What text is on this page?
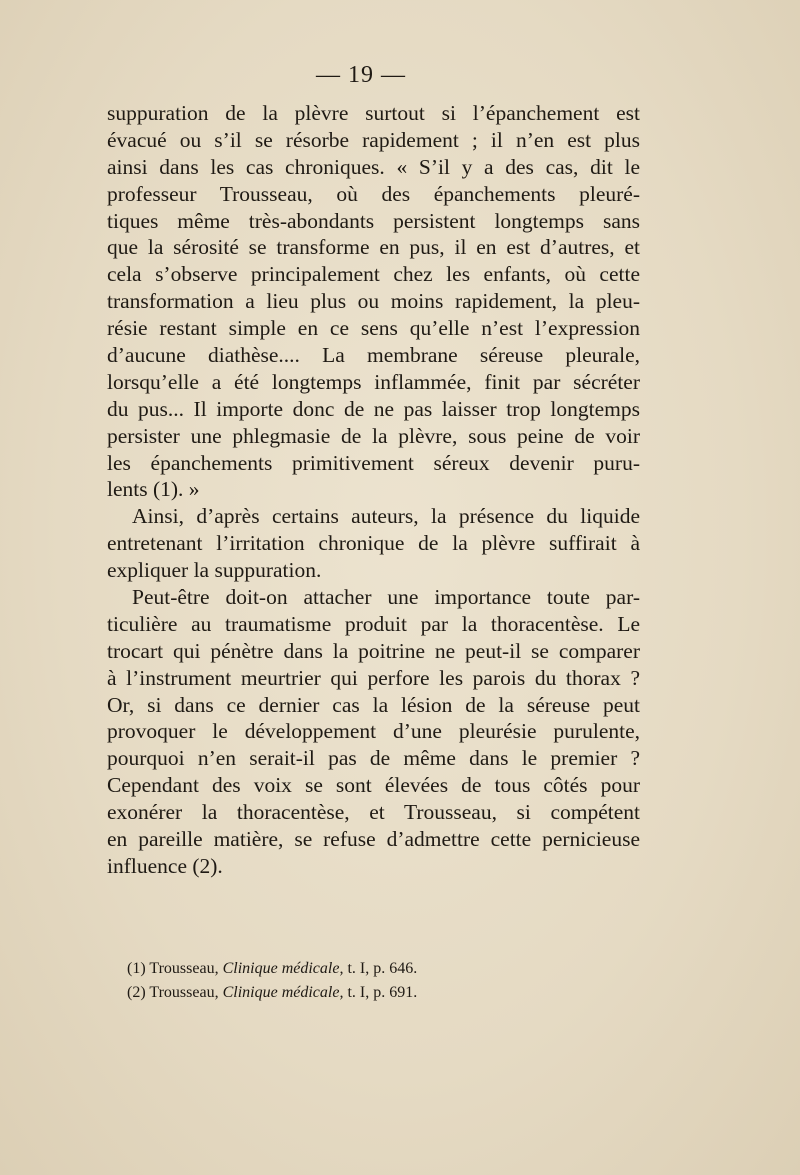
— 19 —
suppuration de la plèvre surtout si l’épanchement est
évacué ou s’il se résorbe rapidement ; il n’en est plus
ainsi dans les cas chroniques. « S’il y a des cas, dit le
professeur Trousseau, où des épanchements pleuré-
tiques même très-abondants persistent longtemps sans
que la sérosité se transforme en pus, il en est d’autres, et
cela s’observe principalement chez les enfants, où cette
transformation a lieu plus ou moins rapidement, la pleu-
résie restant simple en ce sens qu’elle n’est l’expression
d’aucune diathèse.... La membrane séreuse pleurale,
lorsqu’elle a été longtemps inflammée, finit par sécréter
du pus... Il importe donc de ne pas laisser trop longtemps
persister une phlegmasie de la plèvre, sous peine de voir
les épanchements primitivement séreux devenir puru-
lents (1). »
Ainsi, d’après certains auteurs, la présence du liquide
entretenant l’irritation chronique de la plèvre suffirait à
expliquer la suppuration.
Peut-être doit-on attacher une importance toute par-
ticulière au traumatisme produit par la thoracentèse. Le
trocart qui pénètre dans la poitrine ne peut-il se comparer
à l’instrument meurtrier qui perfore les parois du thorax ?
Or, si dans ce dernier cas la lésion de la séreuse peut
provoquer le développement d’une pleurésie purulente,
pourquoi n’en serait-il pas de même dans le premier ?
Cependant des voix se sont élevées de tous côtés pour
exonérer la thoracentèse, et Trousseau, si compétent
en pareille matière, se refuse d’admettre cette pernicieuse
influence (2).
(1) Trousseau, Clinique médicale, t. I, p. 646.
(2) Trousseau, Clinique médicale, t. I, p. 691.
